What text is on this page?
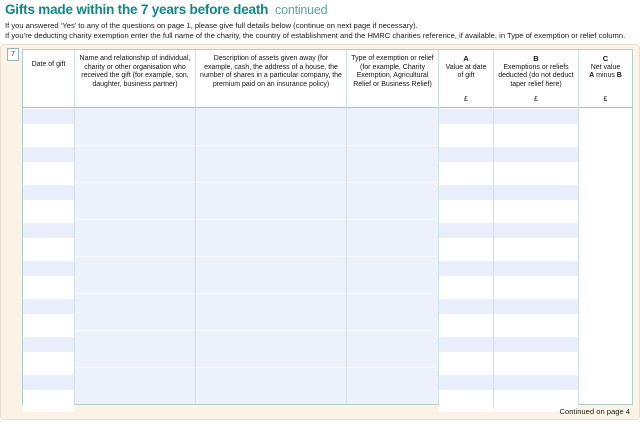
Gifts made within the 7 years before death continued
If you answered ‘Yes’ to any of the questions on page 1, please give full details below (continue on next page if necessary).
If you’re deducting charity exemption enter the full name of the charity, the country of establishment and the HMRC charities reference, if available, in Type of exemption or relief column.
7
Date of gift
Name and relationship of individual, charity or other organisation who received the gift (for example, son, daughter, business partner)
Description of assets given away (for example, cash, the address of a house, the number of shares in a particular company, the premium paid on an insurance policy)
Type of exemption or relief (for example, Charity Exemption, Agricultural Relief or Business Relief)
A
Value at date of gift
£
B
Exemptions or reliefs deducted (do not deduct taper relief here)
£
C
Net value
A minus B
£
Continued on page 4
